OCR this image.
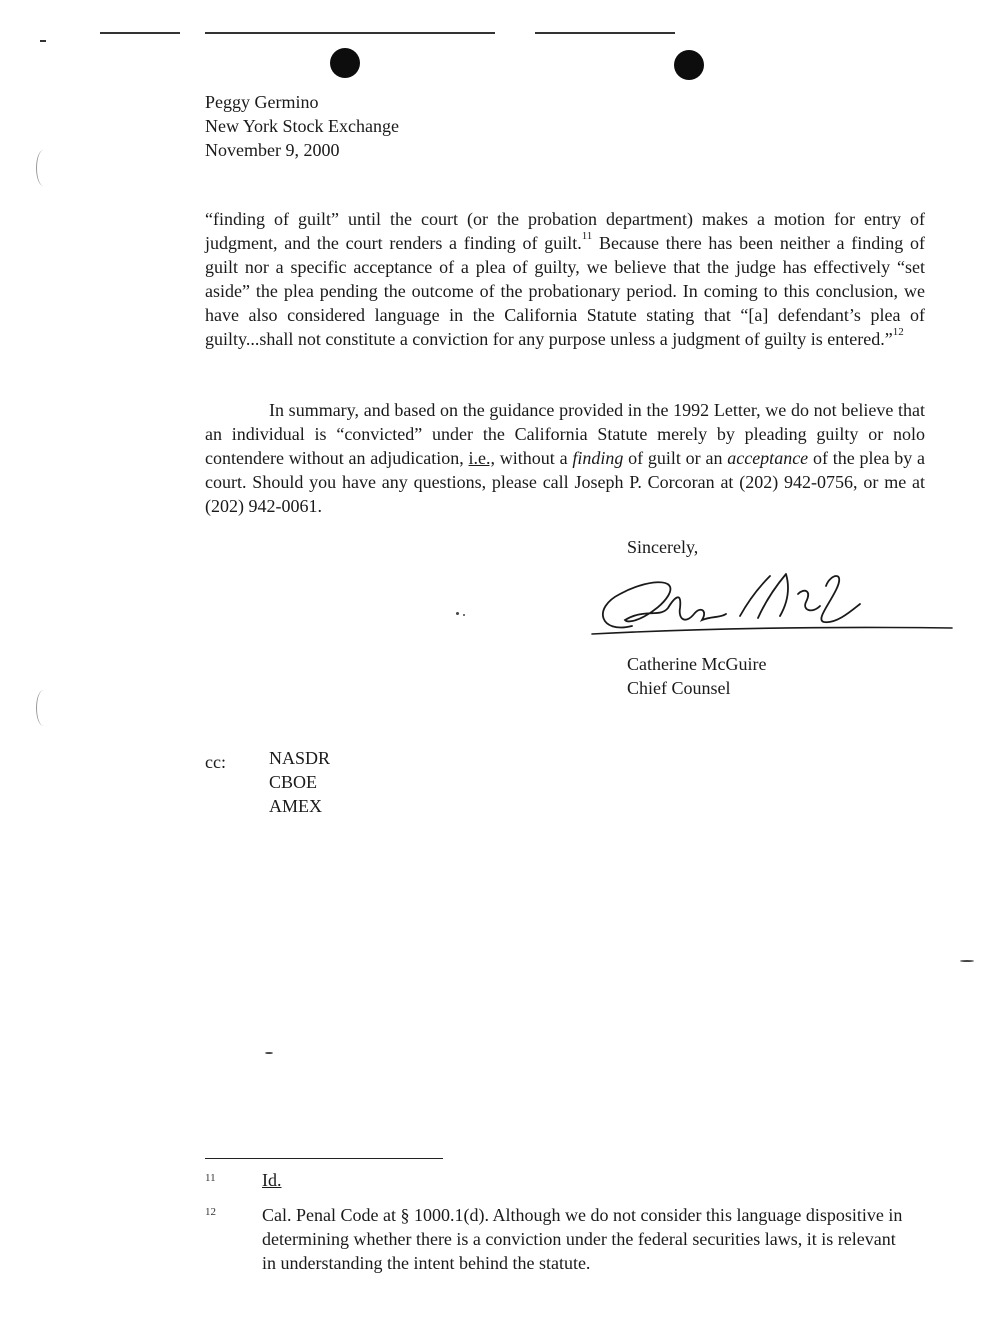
Peggy Germino
New York Stock Exchange
November 9, 2000
“finding of guilt” until the court (or the probation department) makes a motion for entry of judgment, and the court renders a finding of guilt.$^{11}$ Because there has been neither a finding of guilt nor a specific acceptance of a plea of guilty, we believe that the judge has effectively “set aside” the plea pending the outcome of the probationary period. In coming to this conclusion, we have also considered language in the California Statute stating that “[a] defendant’s plea of guilty...shall not constitute a conviction for any purpose unless a judgment of guilty is entered.”$^{12}$
In summary, and based on the guidance provided in the 1992 Letter, we do not believe that an individual is “convicted” under the California Statute merely by pleading guilty or nolo contendere without an adjudication, i.e., without a finding of guilt or an acceptance of the plea by a court. Should you have any questions, please call Joseph P. Corcoran at (202) 942-0756, or me at (202) 942-0061.
Sincerely,
Catherine McGuire
Chief Counsel
cc: NASDR
CBOE
AMEX
11	Id.
12	Cal. Penal Code at § 1000.1(d). Although we do not consider this language dispositive in determining whether there is a conviction under the federal securities laws, it is relevant in understanding the intent behind the statute.
